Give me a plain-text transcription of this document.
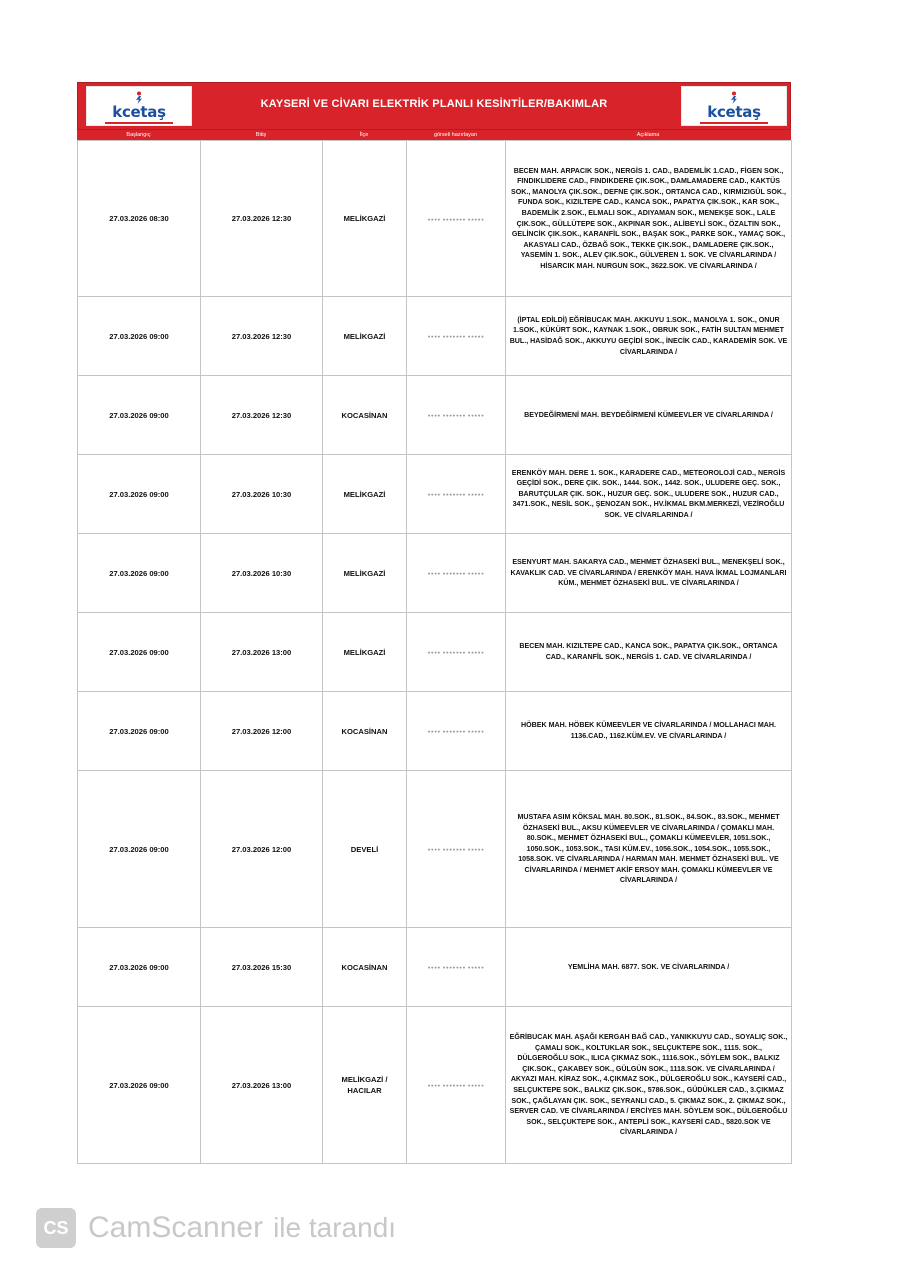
kcetaş	KAYSERİ VE CİVARI ELEKTRİK PLANLI KESİNTİLER/BAKIMLAR	kcetaş
Başlangıç	Bitiş	İlçe	görseli hazırlayan	Açıklama
27.03.2026 08:30	27.03.2026 12:30	MELİKGAZİ	●●●● ●●●●●●● ●●●●●	BECEN MAH. ARPACIK SOK., NERGİS 1. CAD., BADEMLİK 1.CAD., FİGEN SOK., FINDIKLIDERE CAD., FINDIKDERE ÇIK.SOK., DAMLAMADERE CAD., KAKTÜS SOK., MANOLYA ÇIK.SOK., DEFNE ÇIK.SOK., ORTANCA CAD., KIRMIZIGÜL SOK., FUNDA SOK., KIZILTEPE CAD., KANCA SOK., PAPATYA ÇIK.SOK., KAR SOK., BADEMLİK 2.SOK., ELMALI SOK., ADIYAMAN SOK., MENEKŞE SOK., LALE ÇIK.SOK., GÜLLÜTEPE SOK., AKPINAR SOK., ALİBEYLİ SOK., ÖZALTIN SOK., GELİNCİK ÇIK.SOK., KARANFİL SOK., BAŞAK SOK., PARKE SOK., YAMAÇ SOK., AKASYALI CAD., ÖZBAĞ SOK., TEKKE ÇIK.SOK., DAMLADERE ÇIK.SOK., YASEMİN 1. SOK., ALEV ÇIK.SOK., GÜLVEREN 1. SOK. VE CİVARLARINDA / HİSARCIK MAH. NURGUN SOK., 3622.SOK. VE CİVARLARINDA /
27.03.2026 09:00	27.03.2026 12:30	MELİKGAZİ	●●●● ●●●●●●● ●●●●●	(İPTAL EDİLDİ) EĞRİBUCAK MAH. AKKUYU 1.SOK., MANOLYA 1. SOK., ONUR 1.SOK., KÜKÜRT SOK., KAYNAK 1.SOK., OBRUK SOK., FATİH SULTAN MEHMET BUL., HASİDAĞ SOK., AKKUYU GEÇİDİ SOK., İNECİK CAD., KARADEMİR SOK. VE CİVARLARINDA /
27.03.2026 09:00	27.03.2026 12:30	KOCASİNAN	●●●● ●●●●●●● ●●●●●	BEYDEĞİRMENİ MAH. BEYDEĞİRMENİ KÜMEEVLER VE CİVARLARINDA /
27.03.2026 09:00	27.03.2026 10:30	MELİKGAZİ	●●●● ●●●●●●● ●●●●●	ERENKÖY MAH. DERE 1. SOK., KARADERE CAD., METEOROLOJİ CAD., NERGİS GEÇİDİ SOK., DERE ÇIK. SOK., 1444. SOK., 1442. SOK., ULUDERE GEÇ. SOK., BARUTÇULAR ÇIK. SOK., HUZUR GEÇ. SOK., ULUDERE SOK., HUZUR CAD., 3471.SOK., NESİL SOK., ŞENOZAN SOK., HV.İKMAL BKM.MERKEZİ, VEZİROĞLU SOK. VE CİVARLARINDA /
27.03.2026 09:00	27.03.2026 10:30	MELİKGAZİ	●●●● ●●●●●●● ●●●●●	ESENYURT MAH. SAKARYA CAD., MEHMET ÖZHASEKİ BUL., MENEKŞELİ SOK., KAVAKLIK CAD. VE CİVARLARINDA / ERENKÖY MAH. HAVA İKMAL LOJMANLARI KÜM., MEHMET ÖZHASEKİ BUL. VE CİVARLARINDA /
27.03.2026 09:00	27.03.2026 13:00	MELİKGAZİ	●●●● ●●●●●●● ●●●●●	BECEN MAH. KIZILTEPE CAD., KANCA SOK., PAPATYA ÇIK.SOK., ORTANCA CAD., KARANFİL SOK., NERGİS 1. CAD. VE CİVARLARINDA /
27.03.2026 09:00	27.03.2026 12:00	KOCASİNAN	●●●● ●●●●●●● ●●●●●	HÖBEK MAH. HÖBEK KÜMEEVLER VE CİVARLARINDA / MOLLAHACI MAH. 1136.CAD., 1162.KÜM.EV. VE CİVARLARINDA /
27.03.2026 09:00	27.03.2026 12:00	DEVELİ	●●●● ●●●●●●● ●●●●●	MUSTAFA ASIM KÖKSAL MAH. 80.SOK., 81.SOK., 84.SOK., 83.SOK., MEHMET ÖZHASEKİ BUL., AKSU KÜMEEVLER VE CİVARLARINDA / ÇOMAKLI MAH. 80.SOK., MEHMET ÖZHASEKİ BUL., ÇOMAKLI KÜMEEVLER, 1051.SOK., 1050.SOK., 1053.SOK., TASI KÜM.EV., 1056.SOK., 1054.SOK., 1055.SOK., 1058.SOK. VE CİVARLARINDA / HARMAN MAH. MEHMET ÖZHASEKİ BUL. VE CİVARLARINDA / MEHMET AKİF ERSOY MAH. ÇOMAKLI KÜMEEVLER VE CİVARLARINDA /
27.03.2026 09:00	27.03.2026 15:30	KOCASİNAN	●●●● ●●●●●●● ●●●●●	YEMLİHA MAH. 6877. SOK. VE CİVARLARINDA /
27.03.2026 09:00	27.03.2026 13:00	MELİKGAZİ / HACILAR	●●●● ●●●●●●● ●●●●●	EĞRİBUCAK MAH. AŞAĞI KERGAH BAĞ CAD., YANIKKUYU CAD., SOYALIÇ SOK., ÇAMALI SOK., KOLTUKLAR SOK., SELÇUKTEPE SOK., 1115. SOK., DÜLGEROĞLU SOK., ILICA ÇIKMAZ SOK., 1116.SOK., SÖYLEM SOK., BALKIZ ÇIK.SOK., ÇAKABEY SOK., GÜLGÜN SOK., 1118.SOK. VE CİVARLARINDA / AKYAZI MAH. KİRAZ SOK., 4.ÇIKMAZ SOK., DÜLGEROĞLU SOK., KAYSERİ CAD., SELÇUKTEPE SOK., BALKIZ ÇIK.SOK., 5786.SOK., GÜDÜKLER CAD., 3.ÇIKMAZ SOK., ÇAĞLAYAN ÇIK. SOK., SEYRANLI CAD., 5. ÇIKMAZ SOK., 2. ÇIKMAZ SOK., SERVER CAD. VE CİVARLARINDA / ERCİYES MAH. SÖYLEM SOK., DÜLGEROĞLU SOK., SELÇUKTEPE SOK., ANTEPLİ SOK., KAYSERİ CAD., 5820.SOK VE CİVARLARINDA /
CS CamScanner ile tarandı
